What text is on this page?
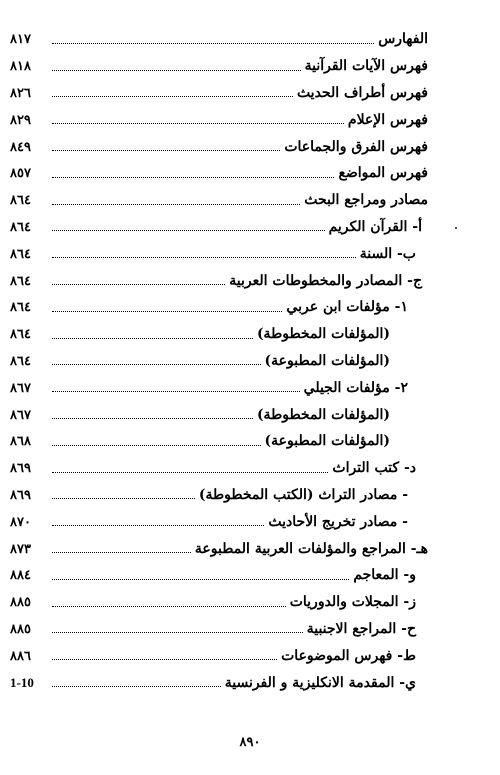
الفهارس
٨١٧
فهرس الآيات القرآنية
٨١٨
فهرس أطراف الحديث
٨٢٦
فهرس الإعلام
٨٢٩
فهرس الفرق والجماعات
٨٤٩
فهرس المواضع
٨٥٧
مصادر ومراجع البحث
٨٦٤
أ- القرآن الكريم
٨٦٤
ب- السنة
٨٦٤
ج- المصادر والمخطوطات العربية
٨٦٤
١- مؤلفات ابن عربي
٨٦٤
(المؤلفات المخطوطة)
٨٦٤
(المؤلفات المطبوعة)
٨٦٤
٢- مؤلفات الجيلي
٨٦٧
(المؤلفات المخطوطة)
٨٦٧
(المؤلفات المطبوعة)
٨٦٨
د- كتب التراث
٨٦٩
- مصادر التراث (الكتب المخطوطة)
٨٦٩
- مصادر تخريج الأحاديث
٨٧٠
هـ- المراجع والمؤلفات العربية المطبوعة
٨٧٣
و- المعاجم
٨٨٤
ز- المجلات والدوريات
٨٨٥
ح- المراجع الاجنبية
٨٨٥
ط- فهرس الموضوعات
٨٨٦
ي- المقدمة الانكليزية و الفرنسية
1-10
٨٩٠
